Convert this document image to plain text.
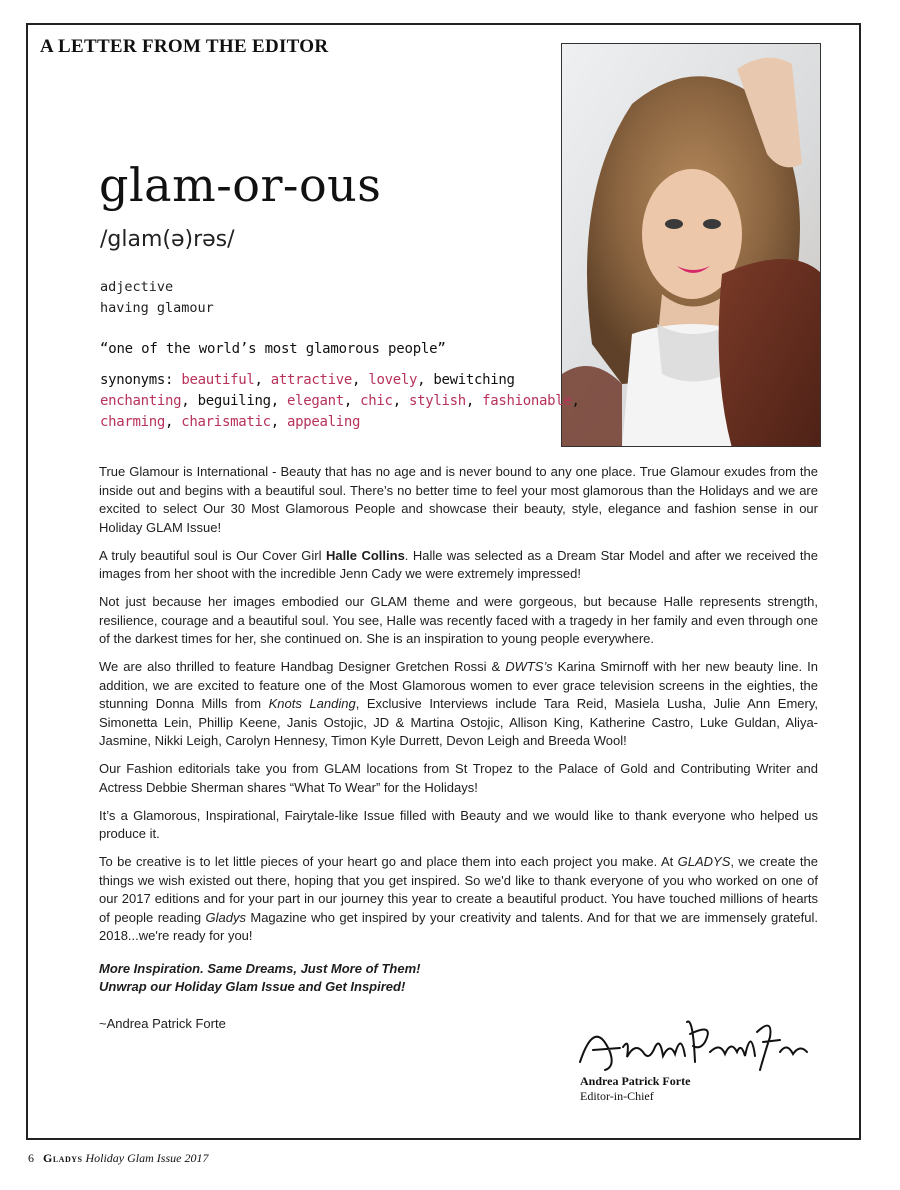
A LETTER FROM THE EDITOR
glam-or-ous
/glam(ə)rəs/
adjective
having glamour
“one of the world’s most glamorous people”
synonyms: beautiful, attractive, lovely, bewitching
enchanting, beguiling, elegant, chic, stylish, fashionable,
charming, charismatic, appealing

True Glamour is International - Beauty that has no age and is never bound to any one place. True Glamour exudes from the inside out and begins with a beautiful soul. There’s no better time to feel your most glamorous than the Holidays and we are excited to select Our 30 Most Glamorous People and showcase their beauty, style, elegance and fashion sense in our Holiday GLAM Issue!

A truly beautiful soul is Our Cover Girl Halle Collins. Halle was selected as a Dream Star Model and after we received the images from her shoot with the incredible Jenn Cady we were extremely impressed!

Not just because her images embodied our GLAM theme and were gorgeous, but because Halle represents strength, resilience, courage and a beautiful soul. You see, Halle was recently faced with a tragedy in her family and even through one of the darkest times for her, she continued on. She is an inspiration to young people everywhere.

We are also thrilled to feature Handbag Designer Gretchen Rossi & DWTS’s Karina Smirnoff with her new beauty line. In addition, we are excited to feature one of the Most Glamorous women to ever grace television screens in the eighties, the stunning Donna Mills from Knots Landing, Exclusive Interviews include Tara Reid, Masiela Lusha, Julie Ann Emery, Simonetta Lein, Phillip Keene, Janis Ostojic, JD & Martina Ostojic, Allison King, Katherine Castro, Luke Guldan, Aliya-Jasmine, Nikki Leigh, Carolyn Hennesy, Timon Kyle Durrett, Devon Leigh and Breeda Wool!

Our Fashion editorials take you from GLAM locations from St Tropez to the Palace of Gold and Contributing Writer and Actress Debbie Sherman shares “What To Wear” for the Holidays!

It’s a Glamorous, Inspirational, Fairytale-like Issue filled with Beauty and we would like to thank everyone who helped us produce it.

To be creative is to let little pieces of your heart go and place them into each project you make. At GLADYS, we create the things we wish existed out there, hoping that you get inspired. So we'd like to thank everyone of you who worked on one of our 2017 editions and for your part in our journey this year to create a beautiful product. You have touched millions of hearts of people reading Gladys Magazine who get inspired by your creativity and talents. And for that we are immensely grateful. 2018...we're ready for you!

More Inspiration. Same Dreams, Just More of Them!

Unwrap our Holiday Glam Issue and Get Inspired!

~Andrea Patrick Forte

Andrea Patrick Forte
Editor-in-Chief
6 Gladys Holiday Glam Issue 2017
